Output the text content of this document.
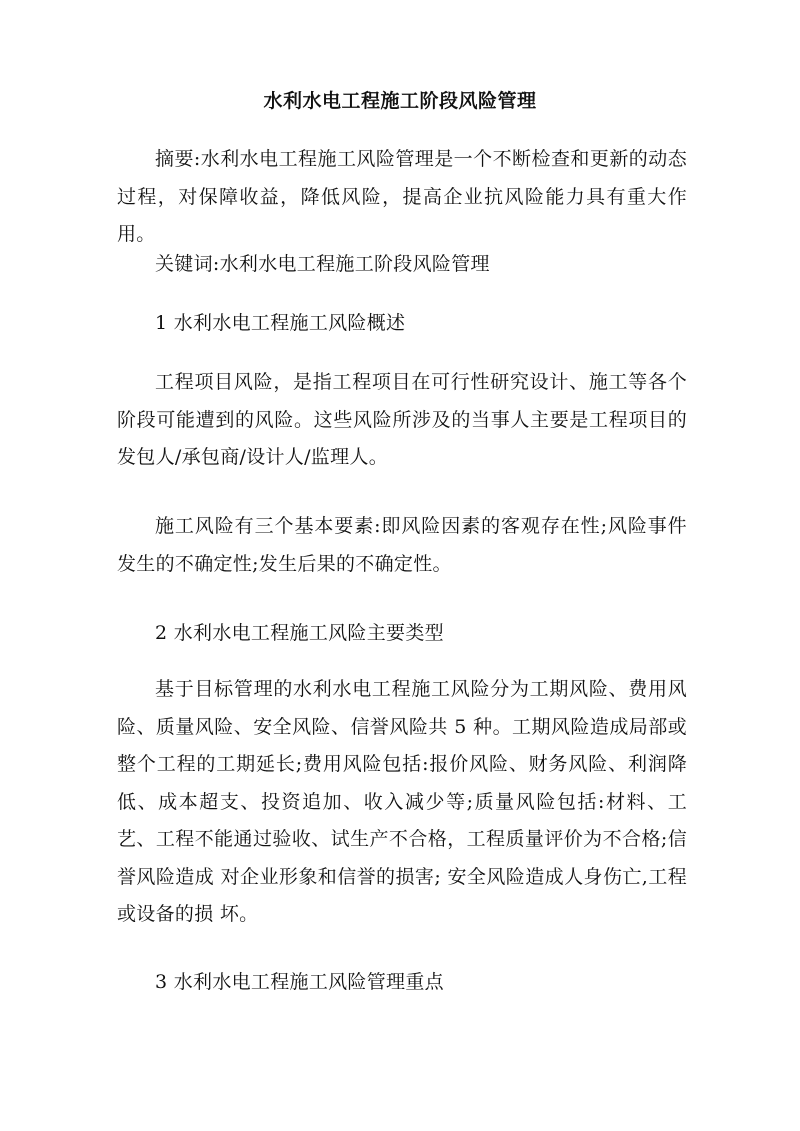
水利水电工程施工阶段风险管理

摘要:水利水电工程施工风险管理是一个不断检查和更新的动态过程，对保障收益，降低风险，提高企业抗风险能力具有重大作用。

关键词:水利水电工程施工阶段风险管理

1 水利水电工程施工风险概述

工程项目风险，是指工程项目在可行性研究设计、施工等各个阶段可能遭到的风险。这些风险所涉及的当事人主要是工程项目的发包人/承包商/设计人/监理人。

施工风险有三个基本要素:即风险因素的客观存在性;风险事件发生的不确定性;发生后果的不确定性。

2 水利水电工程施工风险主要类型

基于目标管理的水利水电工程施工风险分为工期风险、费用风险、质量风险、安全风险、信誉风险共 5 种。工期风险造成局部或整个工程的工期延长;费用风险包括:报价风险、财务风险、利润降低、成本超支、投资追加、收入减少等;质量风险包括:材料、工艺、工程不能通过验收、试生产不合格，工程质量评价为不合格;信誉风险造成 对企业形象和信誉的损害; 安全风险造成人身伤亡,工程或设备的损 坏。

3 水利水电工程施工风险管理重点
